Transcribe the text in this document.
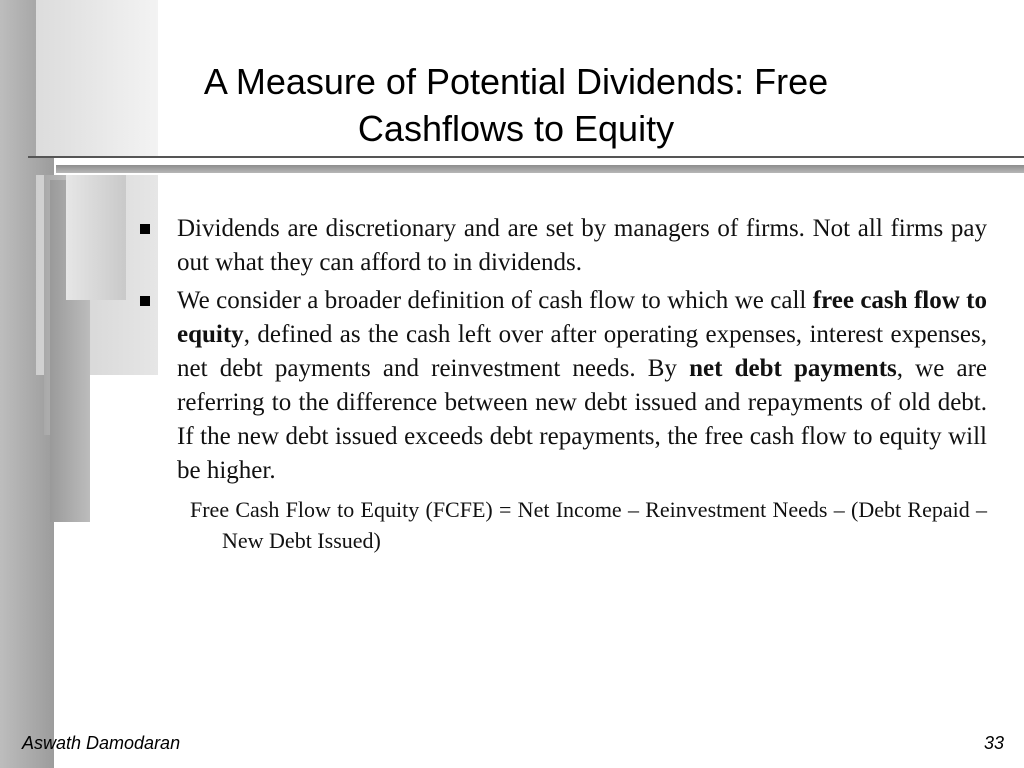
A Measure of Potential Dividends: Free
Cashflows to Equity
Dividends are discretionary and are set by managers of firms. Not all firms pay out what they can afford to in dividends.
We consider a broader definition of cash flow to which we call free cash flow to equity, defined as the cash left over after operating expenses, interest expenses, net debt payments and reinvestment needs. By net debt payments, we are referring to the difference between new debt issued and repayments of old debt. If the new debt issued exceeds debt repayments, the free cash flow to equity will be higher.
Free Cash Flow to Equity (FCFE) = Net Income – Reinvestment Needs – (Debt Repaid – New Debt Issued)
Aswath Damodaran	33
